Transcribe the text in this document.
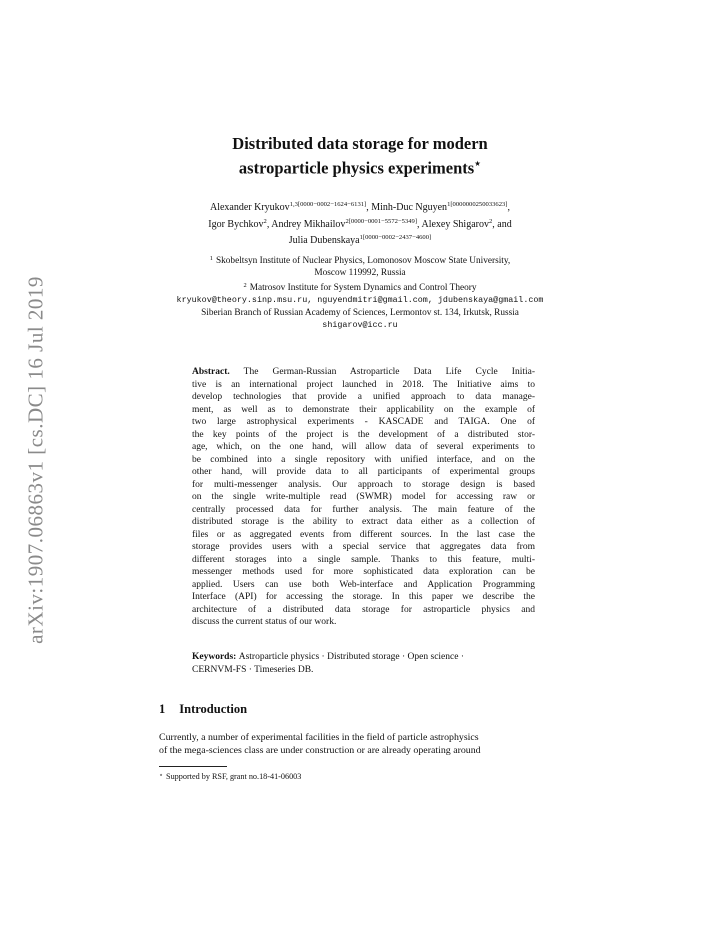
arXiv:1907.06863v1 [cs.DC] 16 Jul 2019
Distributed data storage for modern
astroparticle physics experiments⋆
Alexander Kryukov$^{1,3[0000-0002-1624-6131]}$, Minh-Duc Nguyen$^{1[0000000250033623]}$,
Igor Bychkov$^2$, Andrey Mikhailov$^{2[0000-0001-5572-5349]}$, Alexey Shigarov$^2$, and
Julia Dubenskaya$^{1[0000-0002-2437-4600]}$
$^1$ Skobeltsyn Institute of Nuclear Physics, Lomonosov Moscow State University,
Moscow 119992, Russia
$^2$ Matrosov Institute for System Dynamics and Control Theory
kryukov@theory.sinp.msu.ru, nguyendmitri@gmail.com, jdubenskaya@gmail.com
Siberian Branch of Russian Academy of Sciences, Lermontov st. 134, Irkutsk, Russia
shigarov@icc.ru
Abstract. The German-Russian Astroparticle Data Life Cycle Initia-
tive is an international project launched in 2018. The Initiative aims to
develop technologies that provide a unified approach to data manage-
ment, as well as to demonstrate their applicability on the example of
two large astrophysical experiments - KASCADE and TAIGA. One of
the key points of the project is the development of a distributed stor-
age, which, on the one hand, will allow data of several experiments to
be combined into a single repository with unified interface, and on the
other hand, will provide data to all participants of experimental groups
for multi-messenger analysis. Our approach to storage design is based
on the single write-multiple read (SWMR) model for accessing raw or
centrally processed data for further analysis. The main feature of the
distributed storage is the ability to extract data either as a collection of
files or as aggregated events from different sources. In the last case the
storage provides users with a special service that aggregates data from
different storages into a single sample. Thanks to this feature, multi-
messenger methods used for more sophisticated data exploration can be
applied. Users can use both Web-interface and Application Programming
Interface (API) for accessing the storage. In this paper we describe the
architecture of a distributed data storage for astroparticle physics and
discuss the current status of our work.
Keywords: Astroparticle physics · Distributed storage · Open science ·
CERNVM-FS · Timeseries DB.
1 Introduction
Currently, a number of experimental facilities in the field of particle astrophysics
of the mega-sciences class are under construction or are already operating around
⋆ Supported by RSF, grant no.18-41-06003
